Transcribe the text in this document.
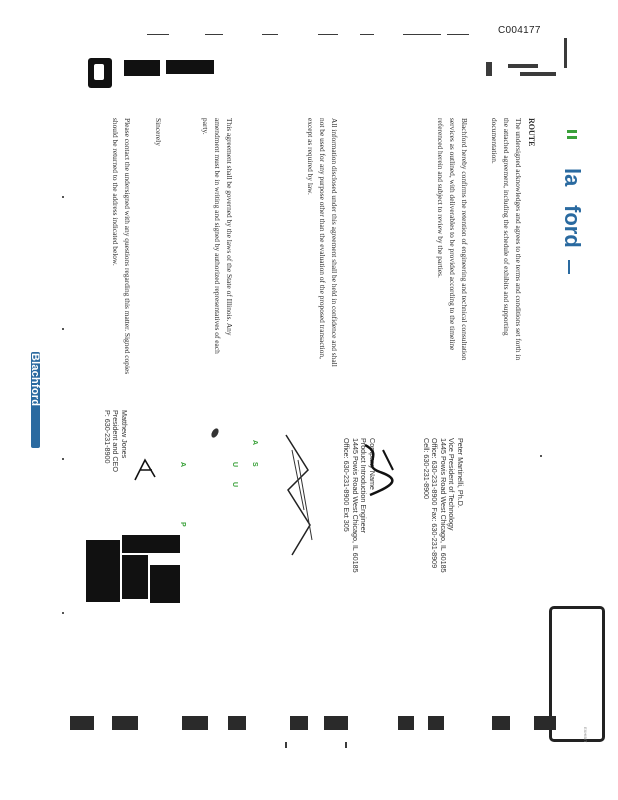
C004177
la
ford
Blachford
ROUTE
The undersigned acknowledges and agrees to the terms and conditions set forth in the attached agreement, including the schedule of exhibits and supporting documentation.
Blachford hereby confirms the retention of engineering and technical consultation services as outlined, with deliverables to be provided according to the timeline referenced herein and subject to review by the parties.
All information disclosed under this agreement shall be held in confidence and shall not be used for any purpose other than the evaluation of the proposed transaction, except as required by law.
This agreement shall be governed by the laws of the State of Illinois. Any amendment must be in writing and signed by authorized representatives of each party.
Please contact the undersigned with any questions regarding this matter. Signed copies should be returned to the address indicated below.	Sincerely
Peter Martinelli, Ph.D.
Vice President of Technology
1445 Powis Road West Chicago, IL 60185
Office: 630-231-8900 Fax: 630-231-8909
Cell: 630-231-8900
Company Name
Product Introduction Engineer
1445 Powis Road West Chicago, IL 60185
Office: 630-231-8900 Ext 305
Matthew Jones
President and CEO
P: 630-231-8900	A
S
A	U
U
P
EXHIBIT
